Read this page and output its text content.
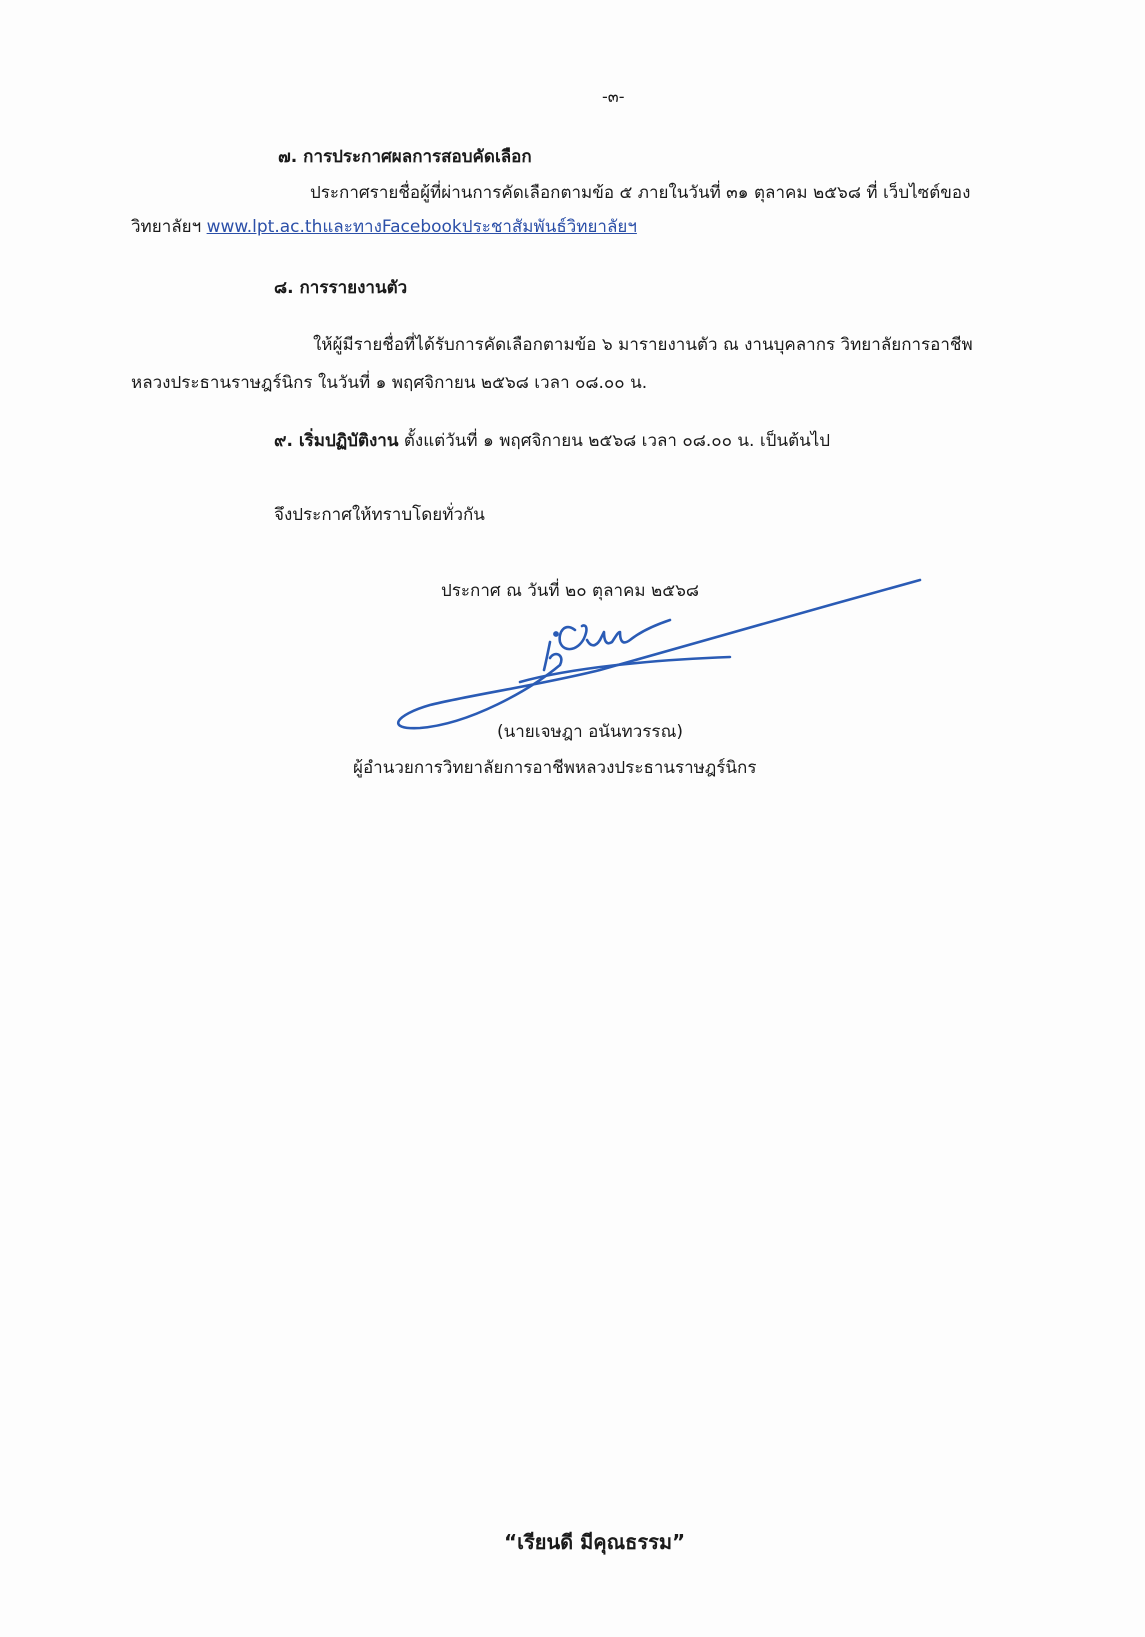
-๓-
๗. การประกาศผลการสอบคัดเลือก
ประกาศรายชื่อผู้ที่ผ่านการคัดเลือกตามข้อ ๕ ภายในวันที่ ๓๑ ตุลาคม ๒๕๖๘ ที่ เว็บไซต์ของ
วิทยาลัยฯ www.lpt.ac.thและทางFacebookประชาสัมพันธ์วิทยาลัยฯ
๘. การรายงานตัว
ให้ผู้มีรายชื่อที่ได้รับการคัดเลือกตามข้อ ๖ มารายงานตัว ณ งานบุคลากร วิทยาลัยการอาชีพ
หลวงประธานราษฎร์นิกร ในวันที่ ๑ พฤศจิกายน ๒๕๖๘ เวลา ๐๘.๐๐ น.
๙. เริ่มปฏิบัติงาน ตั้งแต่วันที่ ๑ พฤศจิกายน ๒๕๖๘ เวลา ๐๘.๐๐ น. เป็นต้นไป
จึงประกาศให้ทราบโดยทั่วกัน
ประกาศ ณ วันที่ ๒๐ ตุลาคม ๒๕๖๘
(นายเจษฎา อนันทวรรณ)
ผู้อำนวยการวิทยาลัยการอาชีพหลวงประธานราษฎร์นิกร
“เรียนดี มีคุณธรรม”
